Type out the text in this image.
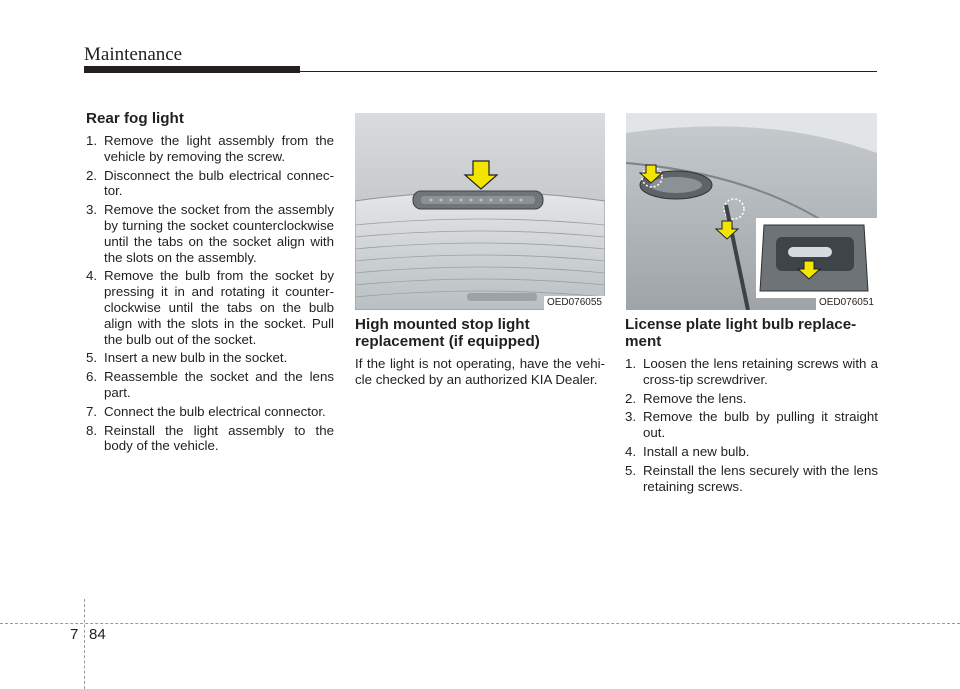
Maintenance
Rear fog light
1. Remove the light assembly from the vehicle by removing the screw.
2. Disconnect the bulb electrical connec-tor.
3. Remove the socket from the assembly by turning the socket counterclockwise until the tabs on the socket align with the slots on the assembly.
4. Remove the bulb from the socket by pressing it in and rotating it counter-clockwise until the tabs on the bulb align with the slots in the socket. Pull the bulb out of the socket.
5. Insert a new bulb in the socket.
6. Reassemble the socket and the lens part.
7. Connect the bulb electrical connector.
8. Reinstall the light assembly to the body of the vehicle.
OED076055	OED076051
High mounted stop light
replacement (if equipped)

If the light is not operating, have the vehi-cle checked by an authorized KIA Dealer.

License plate light bulb replace-
ment
1. Loosen the lens retaining screws with a cross-tip screwdriver.
2. Remove the lens.
3. Remove the bulb by pulling it straight out.
4. Install a new bulb.
5. Reinstall the lens securely with the lens retaining screws.
7 84
